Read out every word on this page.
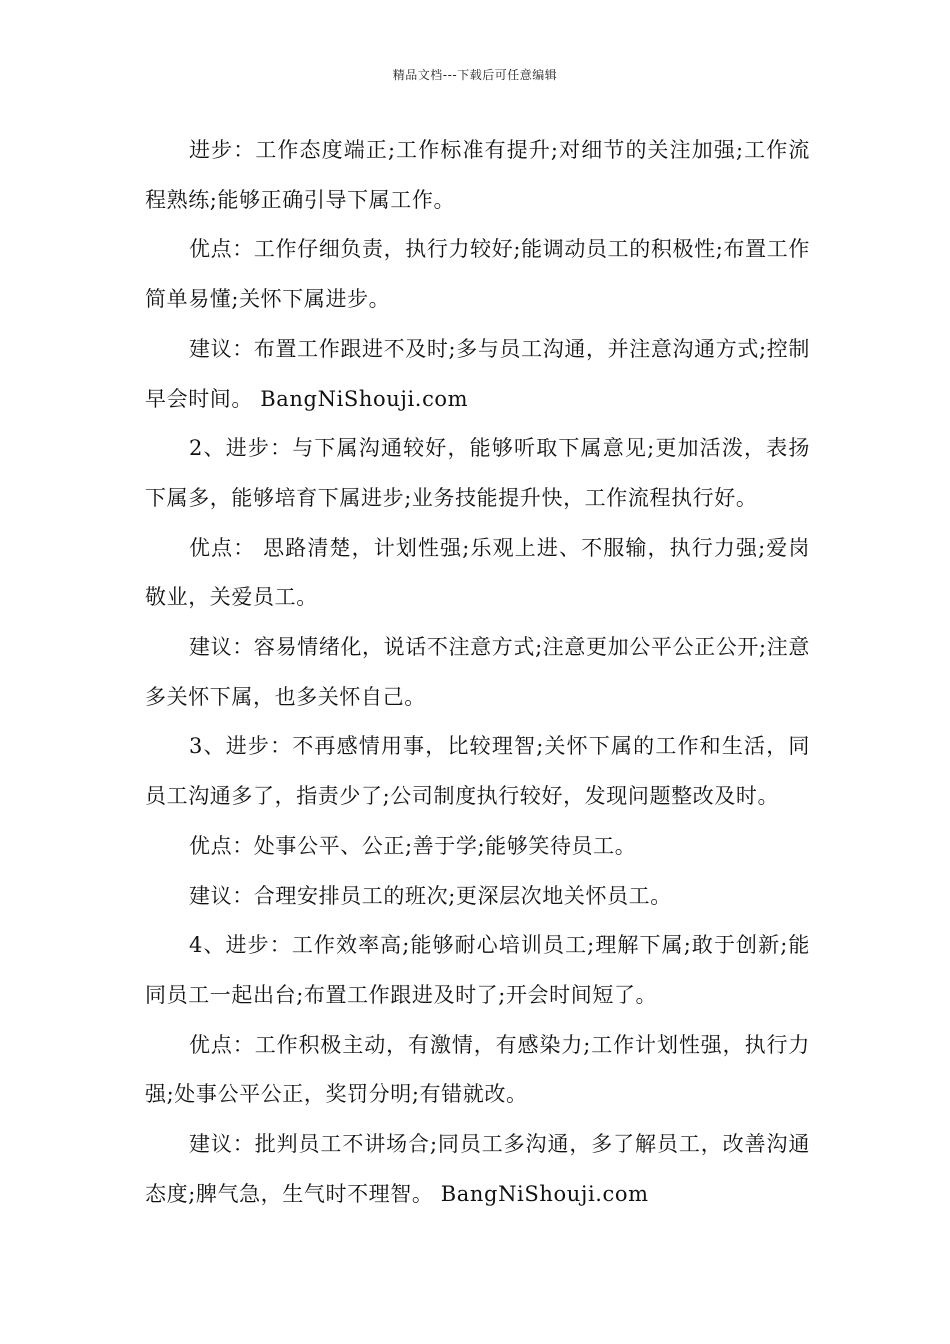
精品文档---下载后可任意编辑

进步：工作态度端正;工作标准有提升;对细节的关注加强;工作流程熟练;能够正确引导下属工作。

优点：工作仔细负责，执行力较好;能调动员工的积极性;布置工作简单易懂;关怀下属进步。

建议：布置工作跟进不及时;多与员工沟通，并注意沟通方式;控制早会时间。 BangNiShouji.com

2、进步：与下属沟通较好，能够听取下属意见;更加活泼，表扬下属多，能够培育下属进步;业务技能提升快，工作流程执行好。

优点： 思路清楚，计划性强;乐观上进、不服输，执行力强;爱岗敬业，关爱员工。

建议：容易情绪化，说话不注意方式;注意更加公平公正公开;注意多关怀下属，也多关怀自己。

3、进步：不再感情用事，比较理智;关怀下属的工作和生活，同员工沟通多了，指责少了;公司制度执行较好，发现问题整改及时。

优点：处事公平、公正;善于学;能够笑待员工。

建议：合理安排员工的班次;更深层次地关怀员工。

4、进步：工作效率高;能够耐心培训员工;理解下属;敢于创新;能同员工一起出台;布置工作跟进及时了;开会时间短了。

优点：工作积极主动，有激情，有感染力;工作计划性强，执行力强;处事公平公正，奖罚分明;有错就改。

建议：批判员工不讲场合;同员工多沟通，多了解员工，改善沟通态度;脾气急，生气时不理智。 BangNiShouji.com
